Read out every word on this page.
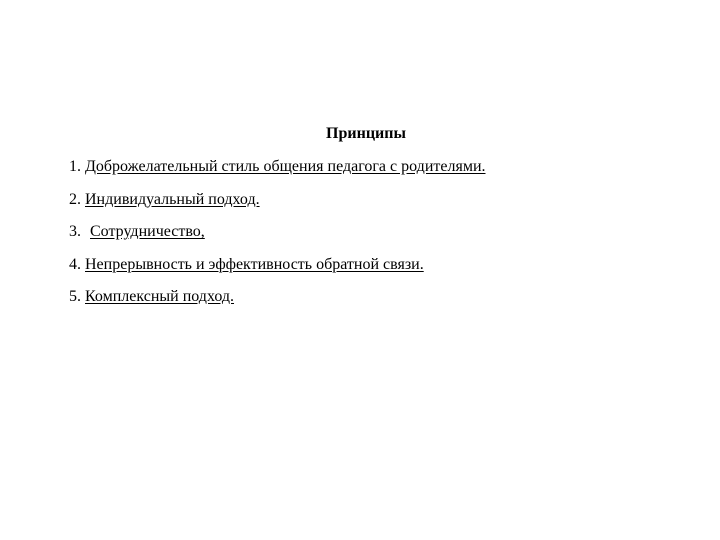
Принципы
1. Доброжелательный стиль общения педагога с родителями.
2. Индивидуальный подход.
3. Сотрудничество,
4. Непрерывность и эффективность обратной связи.
5. Комплексный подход.
